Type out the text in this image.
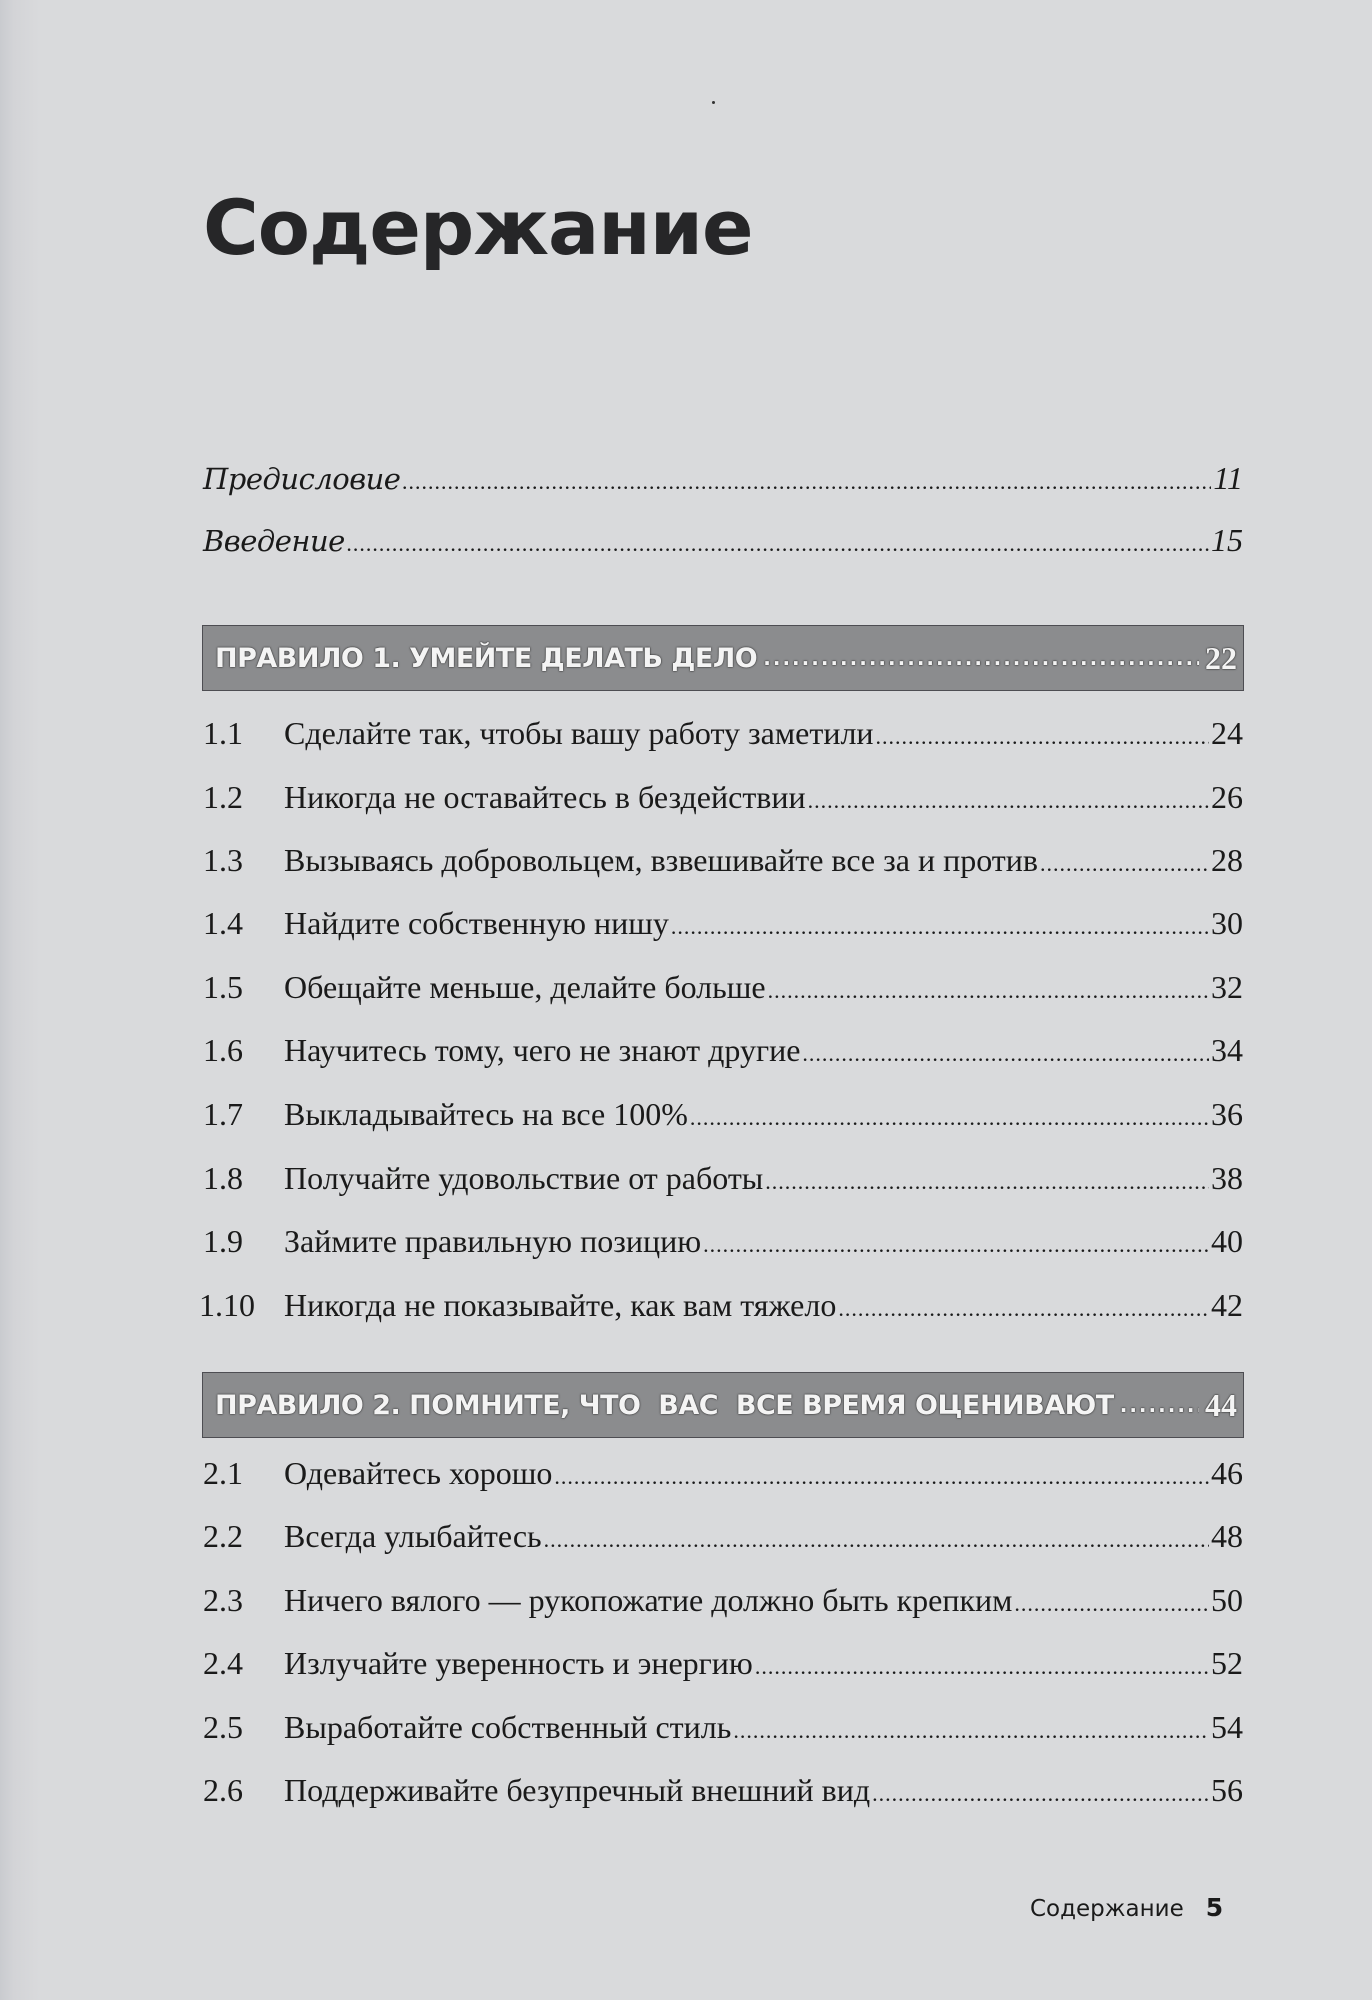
Содержание
Предисловие .....	11
Введение .....	15
ПРАВИЛО 1. УМЕЙТЕ ДЕЛАТЬ ДЕЛО .....	22
1.1	Сделайте так, чтобы вашу работу заметили .....	24
1.2	Никогда не оставайтесь в бездействии .....	26
1.3	Вызываясь добровольцем, взвешивайте все за и против .....	28
1.4	Найдите собственную нишу .....	30
1.5	Обещайте меньше, делайте больше .....	32
1.6	Научитесь тому, чего не знают другие .....	34
1.7	Выкладывайтесь на все 100% .....	36
1.8	Получайте удовольствие от работы .....	38
1.9	Займите правильную позицию .....	40
1.10 Никогда не показывайте, как вам тяжело .....	42
ПРАВИЛО 2. ПОМНИТЕ, ЧТО  ВАС  ВСЕ ВРЕМЯ ОЦЕНИВАЮТ .....	44
2.1	Одевайтесь хорошо .....	46
2.2	Всегда улыбайтесь .....	48
2.3	Ничего вялого — рукопожатие должно быть крепким .....	50
2.4	Излучайте уверенность и энергию .....	52
2.5	Выработайте собственный стиль .....	54
2.6	Поддерживайте безупречный внешний вид .....	56
Содержание 5
